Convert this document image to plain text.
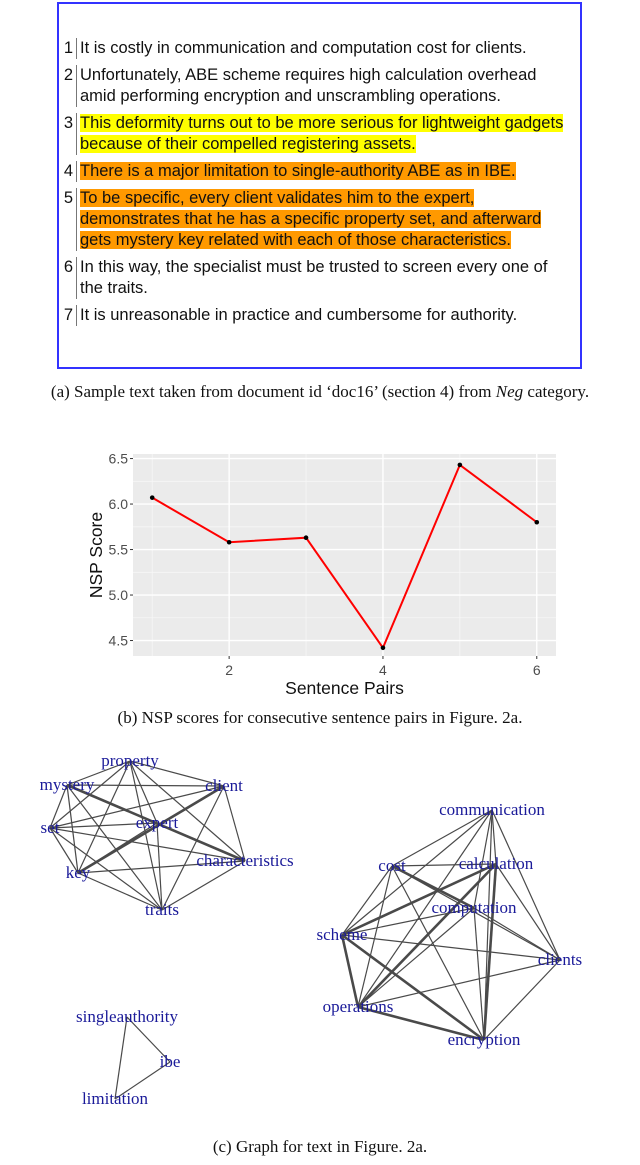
1 It is costly in communication and computation cost for clients.
2 Unfortunately, ABE scheme requires high calculation overhead amid performing encryption and unscrambling operations.
3 This deformity turns out to be more serious for lightweight gadgets because of their compelled registering assets.
4 There is a major limitation to single-authority ABE as in IBE.
5 To be specific, every client validates him to the expert, demonstrates that he has a specific property set, and afterward gets mystery key related with each of those characteristics.
6 In this way, the specialist must be trusted to screen every one of the traits.
7 It is unreasonable in practice and cumbersome for authority.
(a) Sample text taken from document id ‘doc16’ (section 4) from Neg category.
4.5
5.0
5.5
6.0
6.5
2	4	6
Sentence Pairs
NSP Score
(b) NSP scores for consecutive sentence pairs in Figure. 2a.
property
mystery	client
set	expert
characteristics
key
traits
communication
cost	calculation
computation
scheme
clients
operations
encryption
singleauthority
ibe
limitation
(c) Graph for text in Figure. 2a.
